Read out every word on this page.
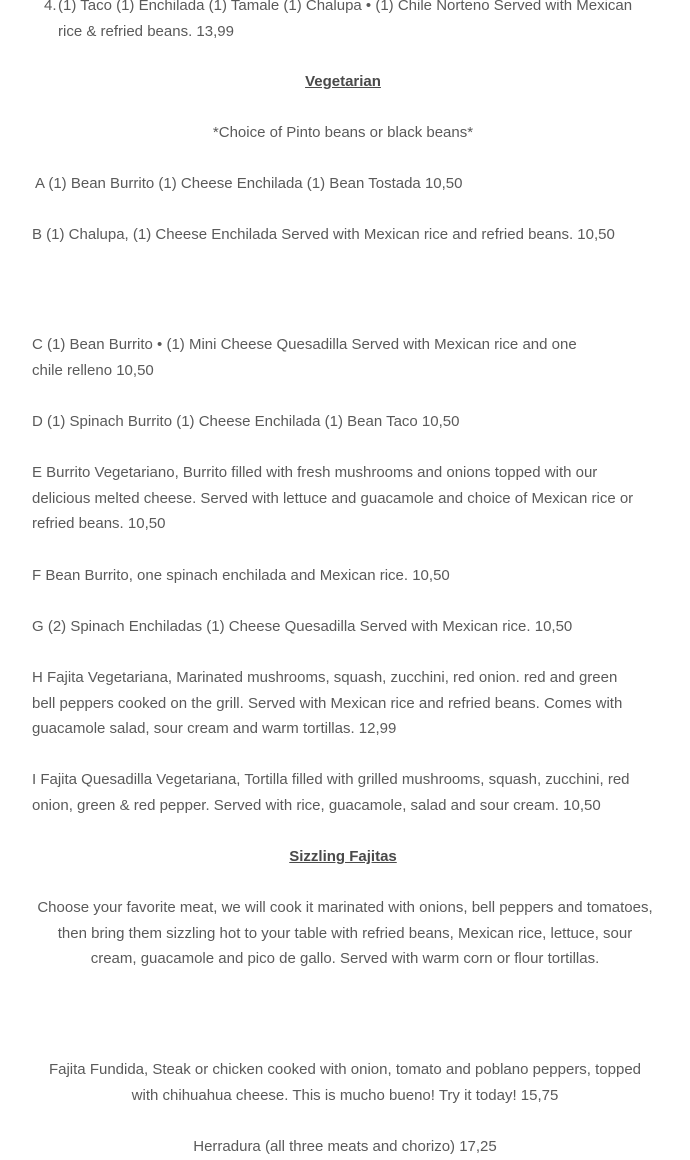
4. (1) Taco (1) Enchilada (1) Tamale (1) Chalupa • (1) Chile Norteno Served with Mexican rice & refried beans. 13,99

Vegetarian

*Choice of Pinto beans or black beans*

A (1) Bean Burrito (1) Cheese Enchilada (1) Bean Tostada 10,50

B (1) Chalupa, (1) Cheese Enchilada Served with Mexican rice and refried beans. 10,50

C (1) Bean Burrito • (1) Mini Cheese Quesadilla Served with Mexican rice and one chile relleno 10,50

D (1) Spinach Burrito (1) Cheese Enchilada (1) Bean Taco 10,50

E Burrito Vegetariano, Burrito filled with fresh mushrooms and onions topped with our delicious melted cheese. Served with lettuce and guacamole and choice of Mexican rice or refried beans. 10,50

F Bean Burrito, one spinach enchilada and Mexican rice. 10,50

G (2) Spinach Enchiladas (1) Cheese Quesadilla Served with Mexican rice. 10,50

H Fajita Vegetariana, Marinated mushrooms, squash, zucchini, red onion. red and green bell peppers cooked on the grill. Served with Mexican rice and refried beans. Comes with guacamole salad, sour cream and warm tortillas. 12,99

I Fajita Quesadilla Vegetariana, Tortilla filled with grilled mushrooms, squash, zucchini, red onion, green & red pepper. Served with rice, guacamole, salad and sour cream. 10,50

Sizzling Fajitas

Choose your favorite meat, we will cook it marinated with onions, bell peppers and tomatoes, then bring them sizzling hot to your table with refried beans, Mexican rice, lettuce, sour cream, guacamole and pico de gallo. Served with warm corn or flour tortillas.

Fajita Fundida, Steak or chicken cooked with onion, tomato and poblano peppers, topped with chihuahua cheese. This is mucho bueno! Try it today! 15,75

Herradura (all three meats and chorizo) 17,25
